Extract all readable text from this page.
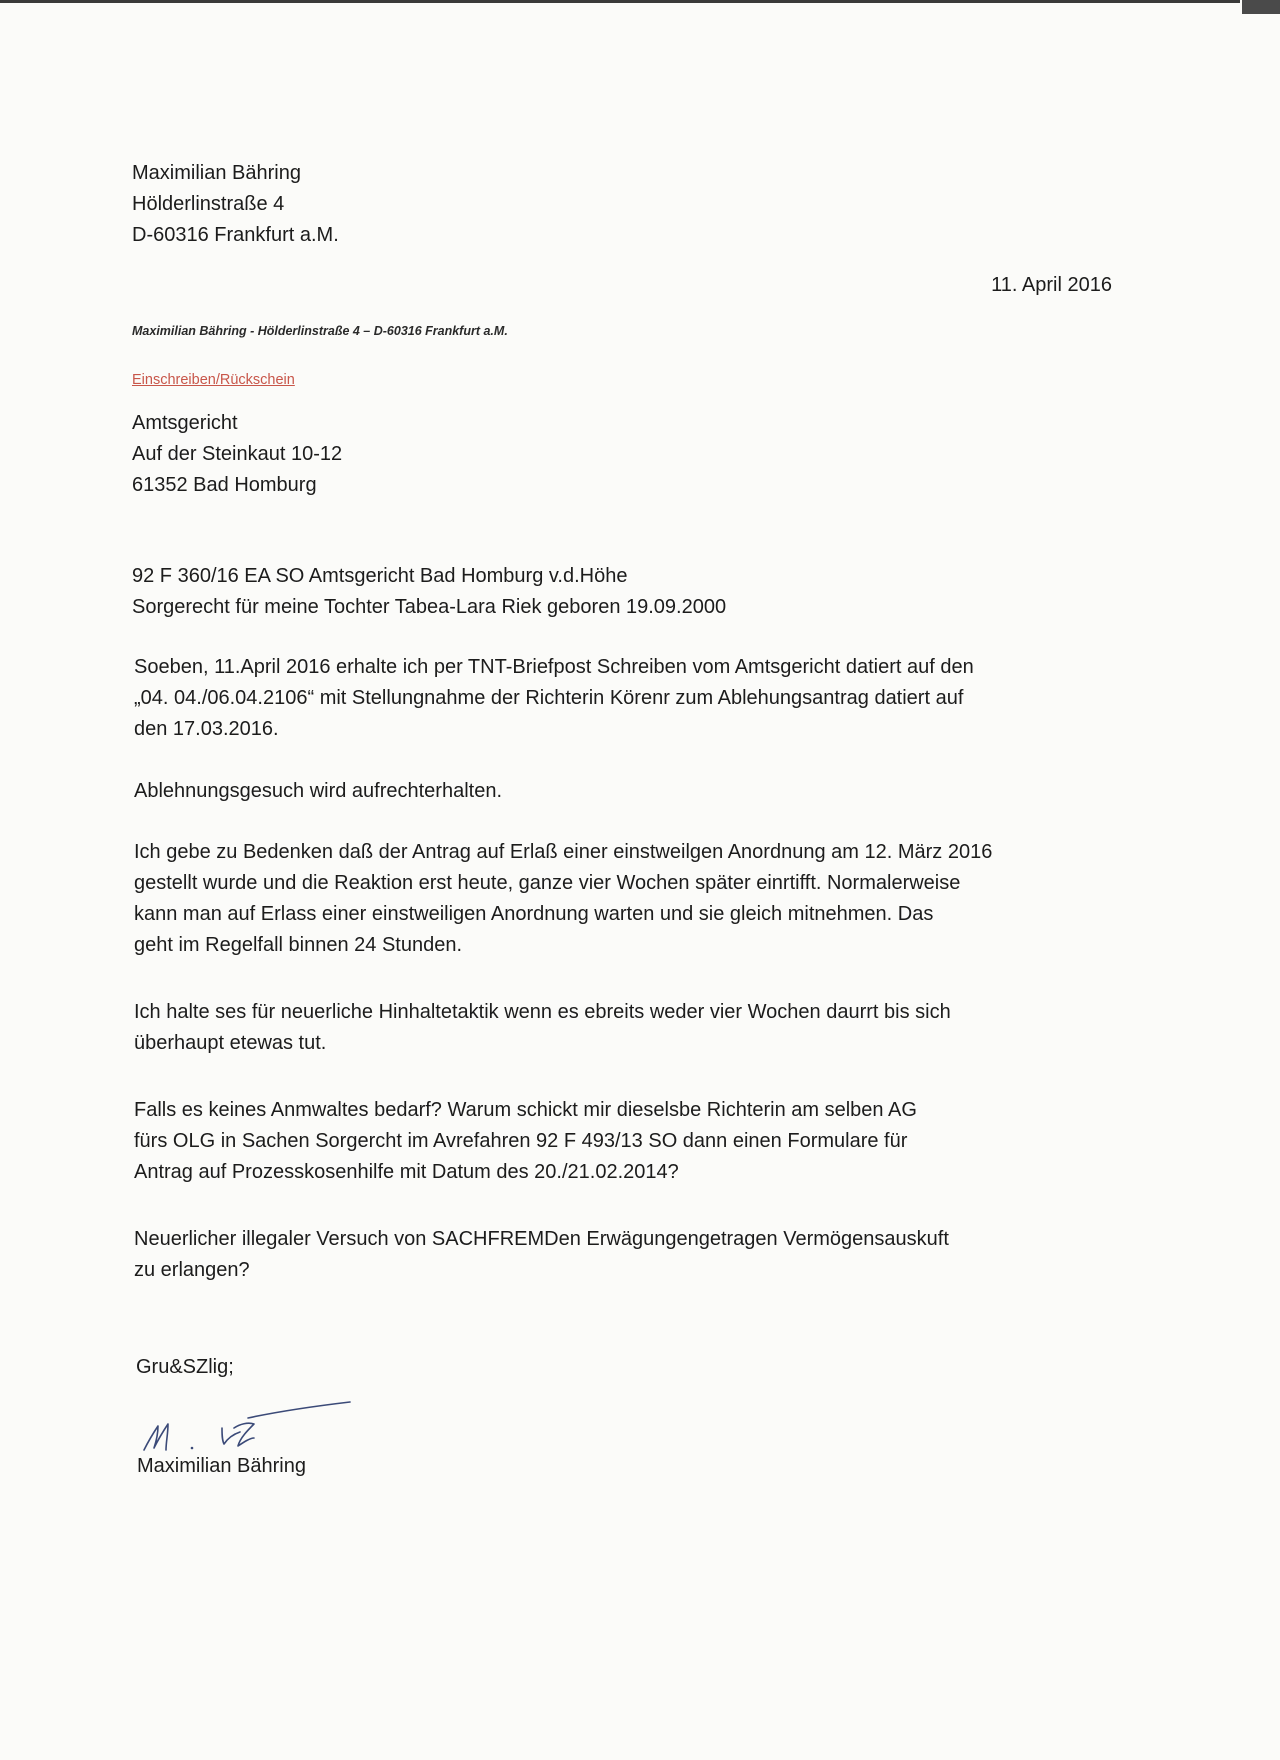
Maximilian Bähring
Hölderlinstraße 4
D-60316 Frankfurt a.M.
11. April 2016
Maximilian Bähring - Hölderlinstraße 4 – D-60316 Frankfurt a.M.
Einschreiben/Rückschein
Amtsgericht
Auf der Steinkaut 10-12
61352 Bad Homburg
92 F 360/16 EA SO Amtsgericht Bad Homburg v.d.Höhe
Sorgerecht für meine Tochter Tabea-Lara Riek geboren 19.09.2000
Soeben, 11.April 2016 erhalte ich per TNT-Briefpost Schreiben vom Amtsgericht datiert auf den
„04. 04./06.04.2106“ mit Stellungnahme der Richterin Körenr zum Ablehungsantrag datiert auf
den 17.03.2016.
Ablehnungsgesuch wird aufrechterhalten.
Ich gebe zu Bedenken daß der Antrag auf Erlaß einer einstweilgen Anordnung am 12. März 2016
gestellt wurde und die Reaktion erst heute, ganze vier Wochen später einrtifft. Normalerweise
kann man auf Erlass einer einstweiligen Anordnung warten und sie gleich mitnehmen. Das
geht im Regelfall binnen 24 Stunden.
Ich halte ses für neuerliche Hinhaltetaktik wenn es ebreits weder vier Wochen daurrt bis sich
überhaupt etewas tut.
Falls es keines Anmwaltes bedarf? Warum schickt mir dieselsbe Richterin am selben AG
fürs OLG in Sachen Sorgercht im Avrefahren 92 F 493/13 SO dann einen Formulare für
Antrag auf Prozesskosenhilfe mit Datum des 20./21.02.2014?
Neuerlicher illegaler Versuch von SACHFREMDen Erwägungengetragen Vermögensauskuft
zu erlangen?
Gru&SZlig;
Maximilian Bähring
